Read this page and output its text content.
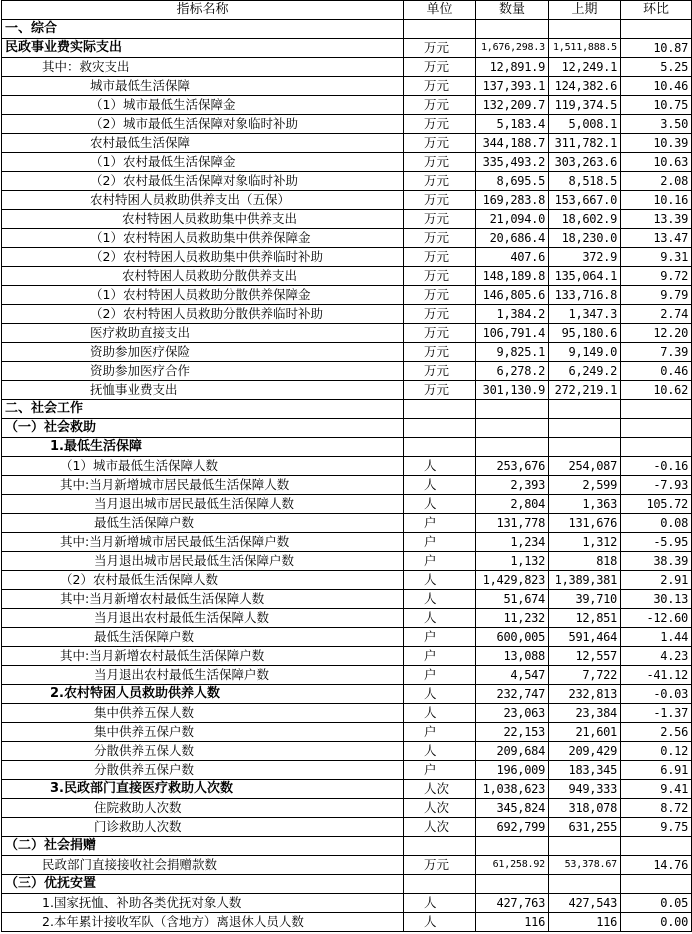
指标名称	单位	数量	上期	环比
一、综合				
民政事业费实际支出	万元	1,676,298.3	1,511,888.5	10.87
其中：救灾支出	万元	12,891.9	12,249.1	5.25
城市最低生活保障	万元	137,393.1	124,382.6	10.46
（1）城市最低生活保障金	万元	132,209.7	119,374.5	10.75
（2）城市最低生活保障对象临时补助	万元	5,183.4	5,008.1	3.50
农村最低生活保障	万元	344,188.7	311,782.1	10.39
（1）农村最低生活保障金	万元	335,493.2	303,263.6	10.63
（2）农村最低生活保障对象临时补助	万元	8,695.5	8,518.5	2.08
农村特困人员救助供养支出（五保）	万元	169,283.8	153,667.0	10.16
农村特困人员救助集中供养支出	万元	21,094.0	18,602.9	13.39
（1）农村特困人员救助集中供养保障金	万元	20,686.4	18,230.0	13.47
（2）农村特困人员救助集中供养临时补助	万元	407.6	372.9	9.31
农村特困人员救助分散供养支出	万元	148,189.8	135,064.1	9.72
（1）农村特困人员救助分散供养保障金	万元	146,805.6	133,716.8	9.79
（2）农村特困人员救助分散供养临时补助	万元	1,384.2	1,347.3	2.74
医疗救助直接支出	万元	106,791.4	95,180.6	12.20
资助参加医疗保险	万元	9,825.1	9,149.0	7.39
资助参加医疗合作	万元	6,278.2	6,249.2	0.46
抚恤事业费支出	万元	301,130.9	272,219.1	10.62
二、社会工作				
（一）社会救助				
1.最低生活保障				
（1）城市最低生活保障人数	人	253,676	254,087	-0.16
其中:当月新增城市居民最低生活保障人数	人	2,393	2,599	-7.93
当月退出城市居民最低生活保障人数	人	2,804	1,363	105.72
最低生活保障户数	户	131,778	131,676	0.08
其中:当月新增城市居民最低生活保障户数	户	1,234	1,312	-5.95
当月退出城市居民最低生活保障户数	户	1,132	818	38.39
（2）农村最低生活保障人数	人	1,429,823	1,389,381	2.91
其中:当月新增农村最低生活保障人数	人	51,674	39,710	30.13
当月退出农村最低生活保障人数	人	11,232	12,851	-12.60
最低生活保障户数	户	600,005	591,464	1.44
其中:当月新增农村最低生活保障户数	户	13,088	12,557	4.23
当月退出农村最低生活保障户数	户	4,547	7,722	-41.12
2.农村特困人员救助供养人数	人	232,747	232,813	-0.03
集中供养五保人数	人	23,063	23,384	-1.37
集中供养五保户数	户	22,153	21,601	2.56
分散供养五保人数	人	209,684	209,429	0.12
分散供养五保户数	户	196,009	183,345	6.91
3.民政部门直接医疗救助人次数	人次	1,038,623	949,333	9.41
住院救助人次数	人次	345,824	318,078	8.72
门诊救助人次数	人次	692,799	631,255	9.75
（二）社会捐赠				
民政部门直接接收社会捐赠款数	万元	61,258.92	53,378.67	14.76
（三）优抚安置				
1.国家抚恤、补助各类优抚对象人数	人	427,763	427,543	0.05
2.本年累计接收军队（含地方）离退休人员人数	人	116	116	0.00
